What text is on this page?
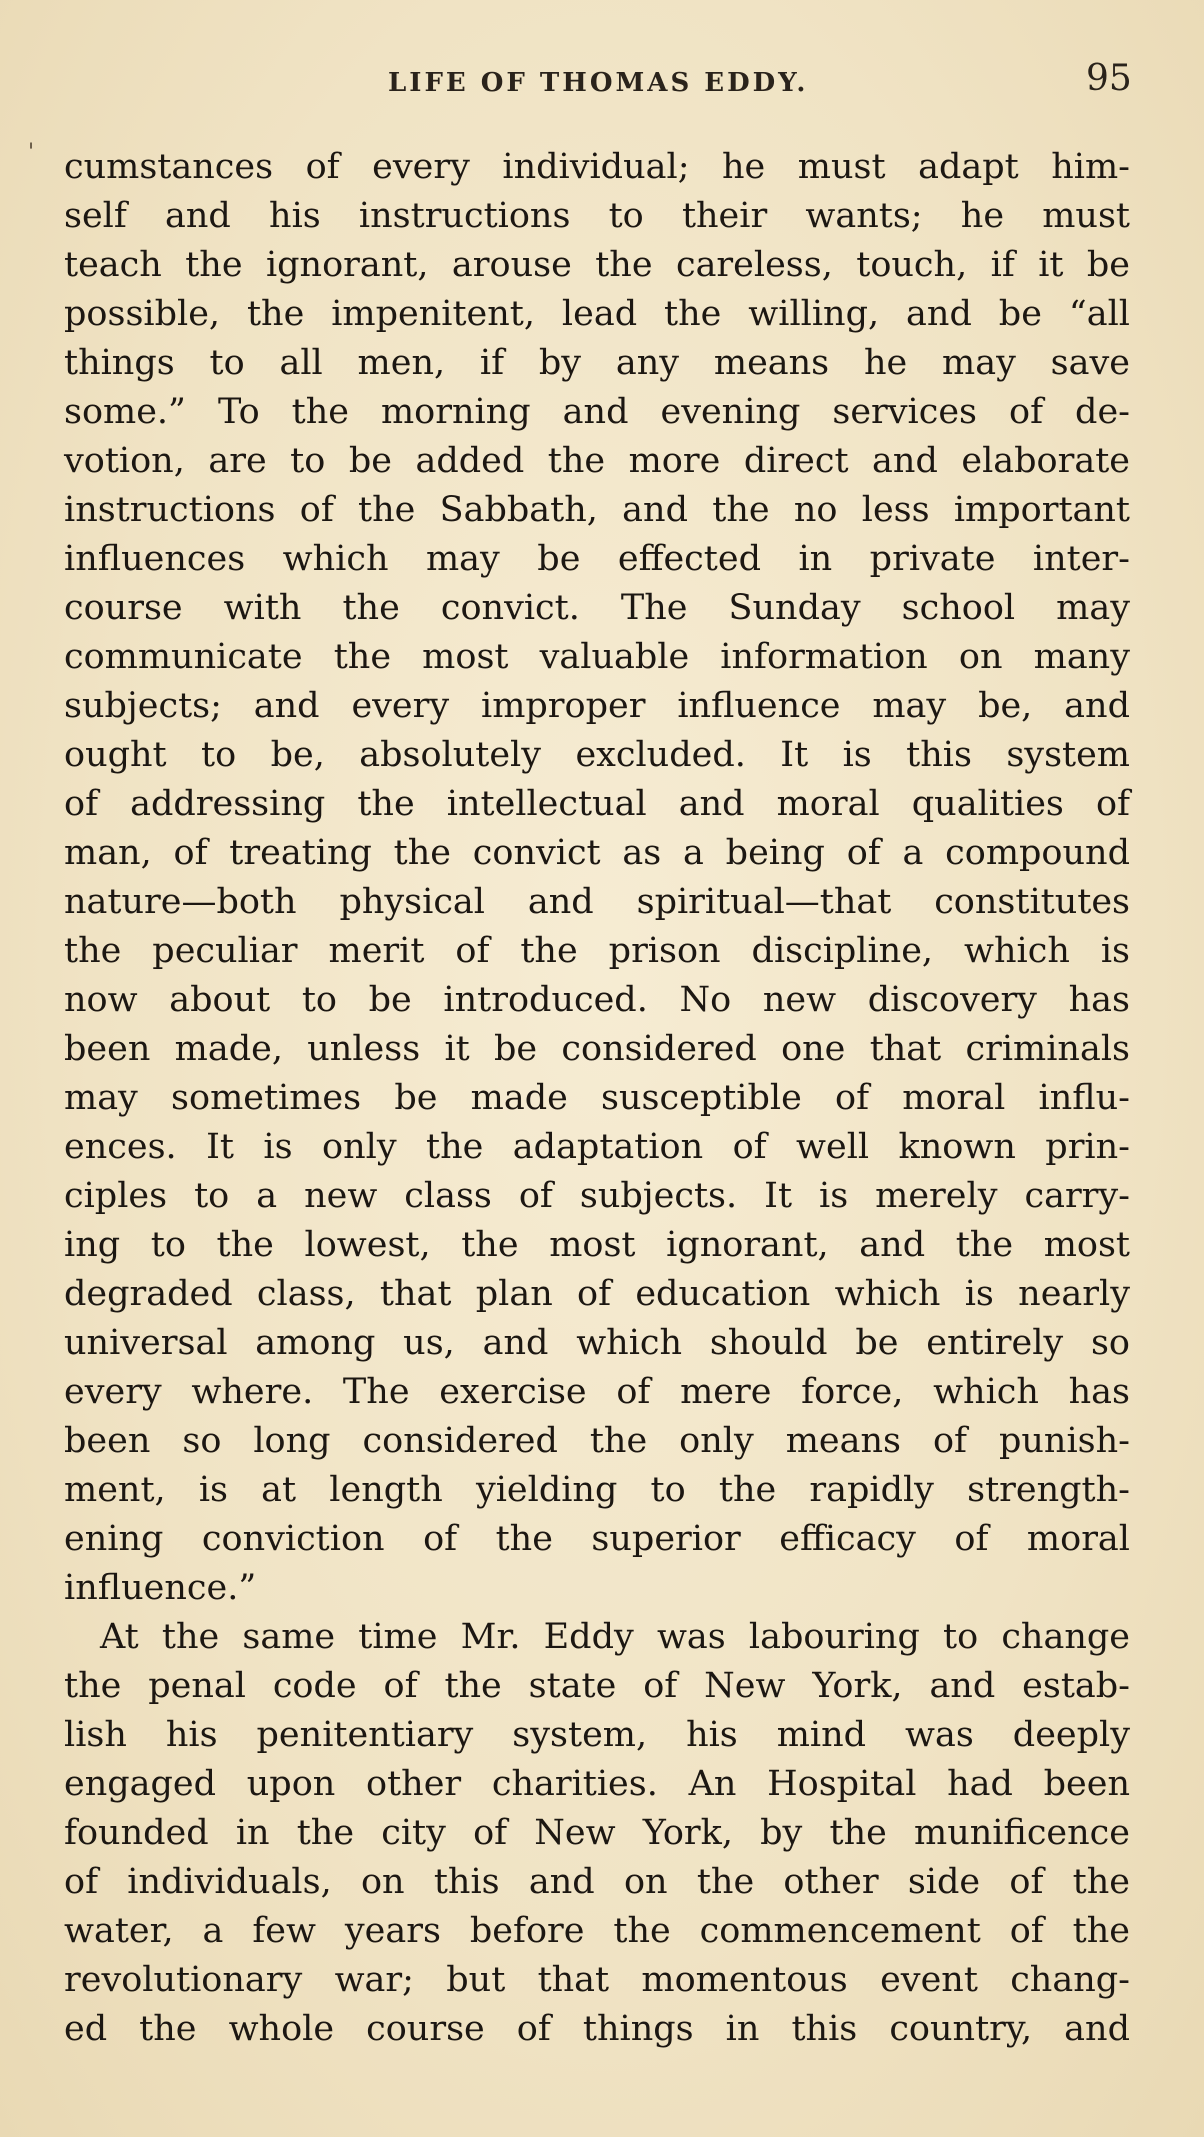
LIFE OF THOMAS EDDY.	95
' cumstances of every individual; he must adapt him-
self and his instructions to their wants; he must
teach the ignorant, arouse the careless, touch, if it be
possible, the impenitent, lead the willing, and be “all
things to all men, if by any means he may save
some.” To the morning and evening services of de-
votion, are to be added the more direct and elaborate
instructions of the Sabbath, and the no less important
influences which may be effected in private inter-
course with the convict. The Sunday school may
communicate the most valuable information on many
subjects; and every improper influence may be, and
ought to be, absolutely excluded. It is this system
of addressing the intellectual and moral qualities of
man, of treating the convict as a being of a compound
nature—both physical and spiritual—that constitutes
the peculiar merit of the prison discipline, which is
now about to be introduced. No new discovery has
been made, unless it be considered one that criminals
may sometimes be made susceptible of moral influ-
ences. It is only the adaptation of well known prin-
ciples to a new class of subjects. It is merely carry-
ing to the lowest, the most ignorant, and the most
degraded class, that plan of education which is nearly
universal among us, and which should be entirely so
every where. The exercise of mere force, which has
been so long considered the only means of punish-
ment, is at length yielding to the rapidly strength-
ening conviction of the superior efficacy of moral
influence.”
At the same time Mr. Eddy was labouring to change
the penal code of the state of New York, and estab-
lish his penitentiary system, his mind was deeply
engaged upon other charities. An Hospital had been
founded in the city of New York, by the munificence
of individuals, on this and on the other side of the
water, a few years before the commencement of the
revolutionary war; but that momentous event chang-
ed the whole course of things in this country, and
